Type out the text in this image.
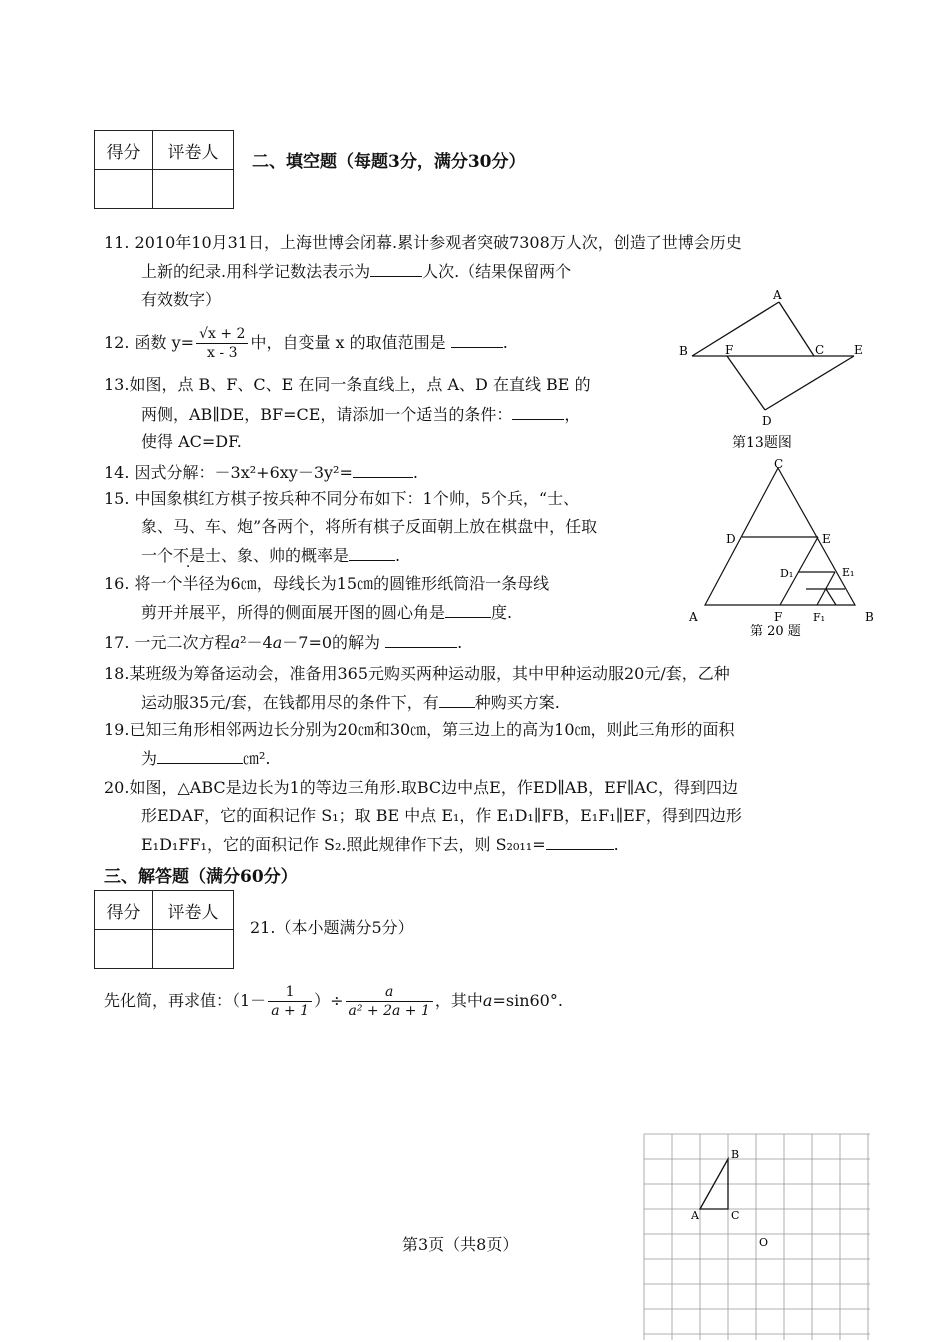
得分	评卷人
	二、填空题（每题3分，满分30分）
11. 2010年10月31日，上海世博会闭幕.累计参观者突破7308万人次，创造了世博会历史
上新的纪录.用科学记数法表示为	人次.（结果保留两个
有效数字）
12. 函数 $y= \frac{√x + 2}{x - 3}$ 中，自变量 x 的取值范围是	.
13.如图，点 B、F、C、E 在同一条直线上，点 A、D 在直线 BE 的
两侧，AB∥DE，BF=CE，请添加一个适当的条件：	，
使得 AC=DF.
14. 因式分解：－3x²+6xy－3y²=	.
15. 中国象棋红方棋子按兵种不同分布如下：1个帅，5个兵，“士、
象、马、车、炮”各两个，将所有棋子反面朝上放在棋盘中，任取
一个不是士、象、帅的概率是	.
16. 将一个半径为6㎝，母线长为15㎝的圆锥形纸筒沿一条母线
剪开并展平，所得的侧面展开图的圆心角是	度.
17. 一元二次方程a²－4a－7=0的解为	.
18.某班级为筹备运动会，准备用365元购买两种运动服，其中甲种运动服20元/套，乙种
运动服35元/套，在钱都用尽的条件下，有 种购买方案.
19.已知三角形相邻两边长分别为20㎝和30㎝，第三边上的高为10㎝，则此三角形的面积
为	㎝².
20.如图，△ABC是边长为1的等边三角形.取BC边中点E，作ED∥AB，EF∥AC，得到四边
形EDAF，它的面积记作 S₁；取 BE 中点 E₁，作 E₁D₁∥FB，E₁F₁∥EF，得到四边形
E₁D₁FF₁，它的面积记作 S₂.照此规律作下去，则 S₂₀₁₁=	.
三、解答题（满分60分）
得分	评卷人

21.（本小题满分5分）
先化简，再求值：（$1- \frac{1}{a + 1}$ ）÷ $\frac{a}{\text{a² + 2a + 1}}$ ，其中a=sin60°.
A
B	F	C E
D
第13题图
C
D	E
D₁	E₁
A	F	F₁	B
第 20 题
B
A	C
O
第3页（共8页）
